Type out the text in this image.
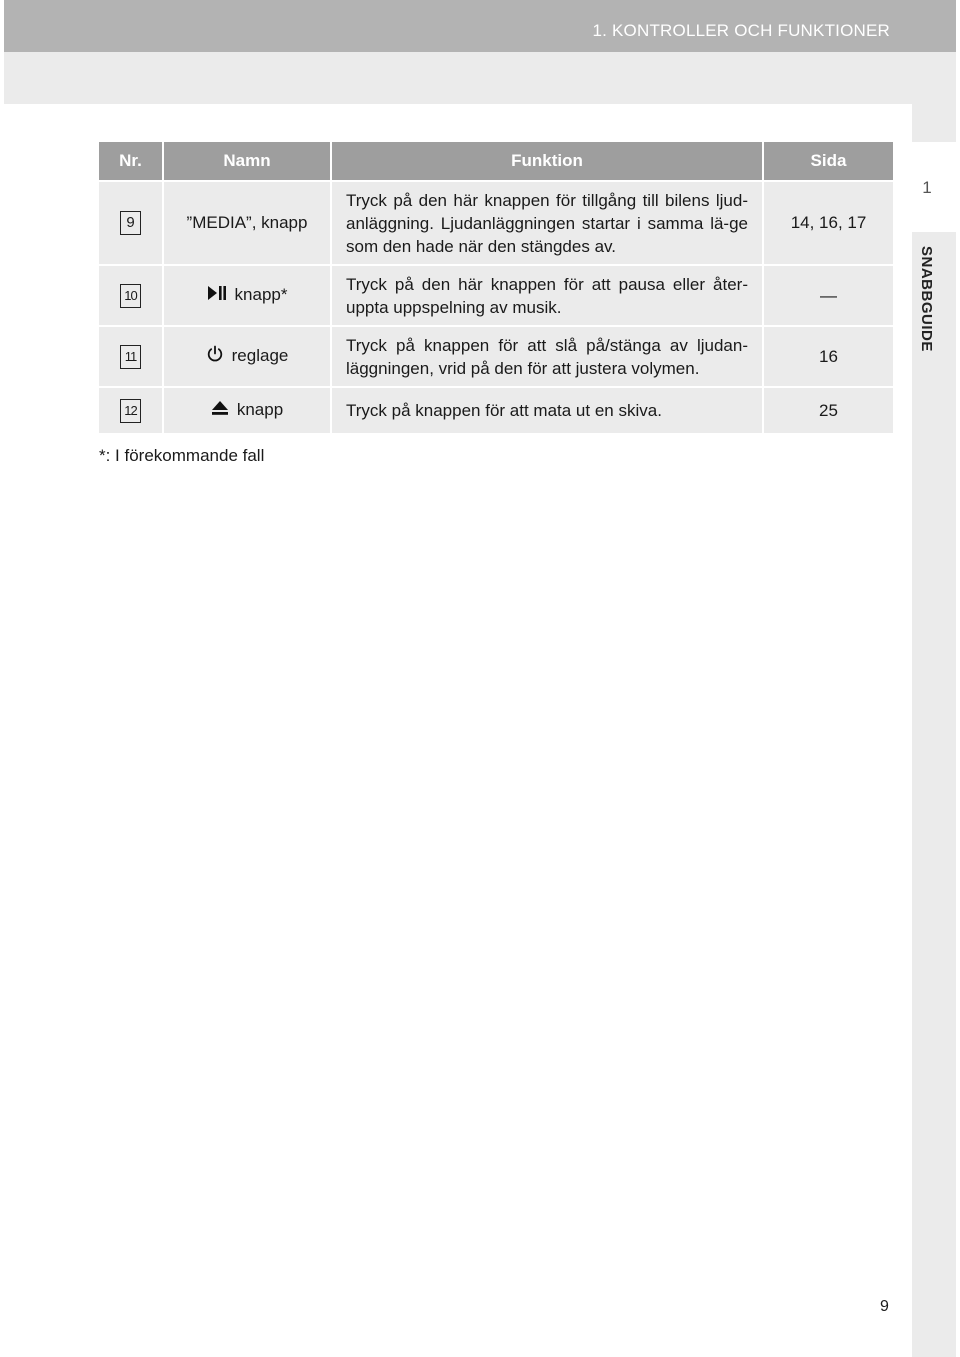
1. KONTROLLER OCH FUNKTIONER
1
SNABBGUIDE
Nr.	Namn	Funktion	Sida
9	”MEDIA”, knapp	Tryck på den här knappen för tillgång till bilens ljud-anläggning. Ljudanläggningen startar i samma lä-ge som den hade när den stängdes av.	14, 16, 17
10	knapp*	Tryck på den här knappen för att pausa eller åter-uppta uppspelning av musik.	—
11	reglage	Tryck på knappen för att slå på/stänga av ljudan-läggningen, vrid på den för att justera volymen.	16
12	knapp	Tryck på knappen för att mata ut en skiva.	25
*: I förekommande fall
9
